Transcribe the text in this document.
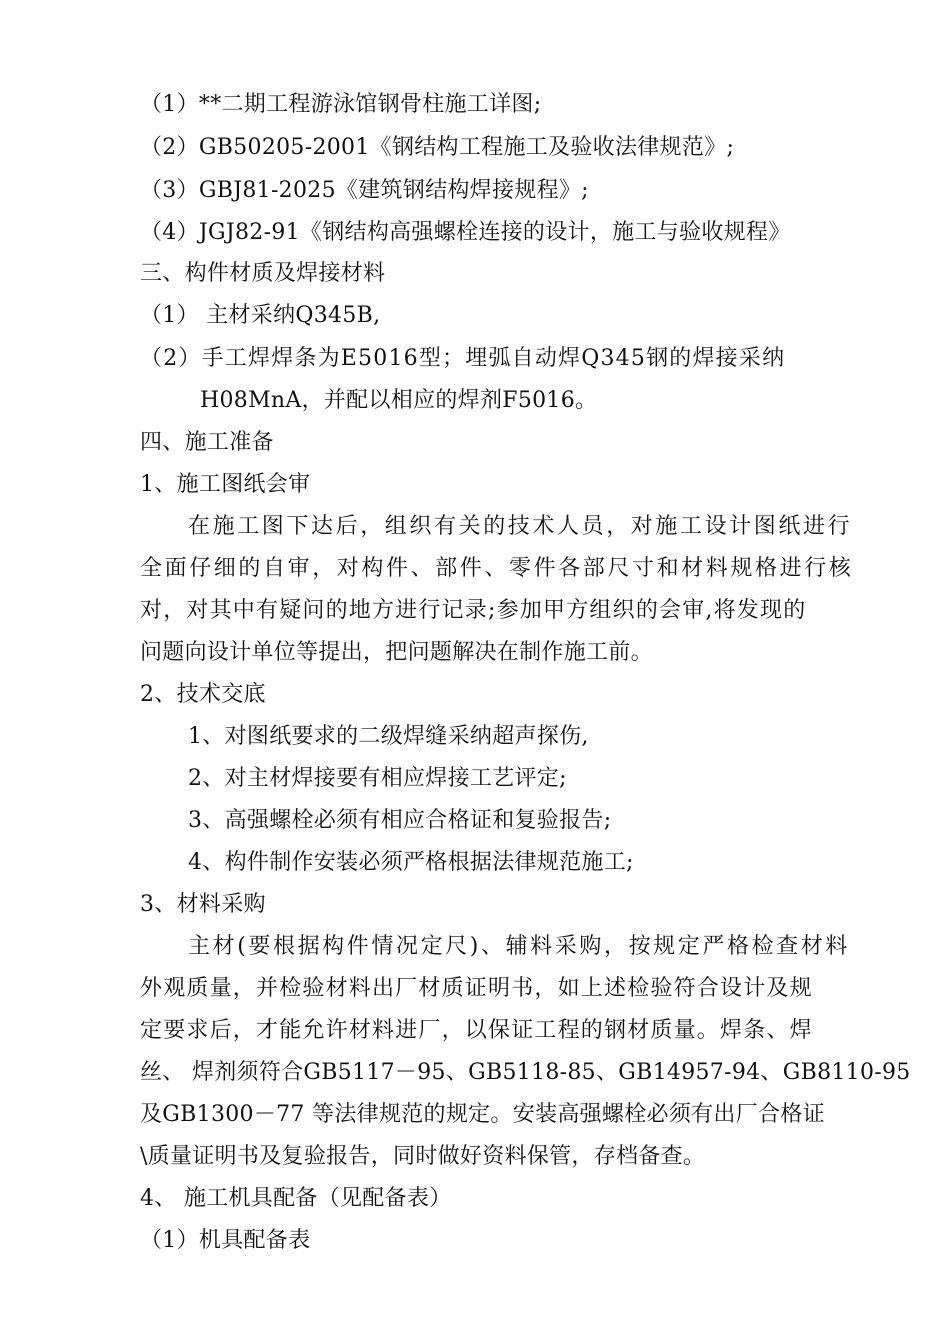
（1）**二期工程游泳馆钢骨柱施工详图;
（2）GB50205-2001《钢结构工程施工及验收法律规范》;
（3）GBJ81-2025《建筑钢结构焊接规程》;
（4）JGJ82-91《钢结构高强螺栓连接的设计，施工与验收规程》
三、构件材质及焊接材料
（1） 主材采纳Q345B,
（2）手工焊焊条为E5016型；埋弧自动焊Q345钢的焊接采纳
H08MnA，并配以相应的焊剂F5016。
四、施工准备
1、施工图纸会审
在施工图下达后，组织有关的技术人员，对施工设计图纸进行
全面仔细的自审，对构件、部件、零件各部尺寸和材料规格进行核
对，对其中有疑问的地方进行记录;参加甲方组织的会审,将发现的
问题向设计单位等提出，把问题解决在制作施工前。
2、技术交底
1、对图纸要求的二级焊缝采纳超声探伤,
2、对主材焊接要有相应焊接工艺评定;
3、高强螺栓必须有相应合格证和复验报告;
4、构件制作安装必须严格根据法律规范施工;
3、材料采购
主材(要根据构件情况定尺)、辅料采购，按规定严格检查材料
外观质量，并检验材料出厂材质证明书，如上述检验符合设计及规
定要求后，才能允许材料进厂，以保证工程的钢材质量。焊条、焊
丝、 焊剂须符合GB5117－95、GB5118-85、GB14957-94、GB8110-95
及GB1300－77 等法律规范的规定。安装高强螺栓必须有出厂合格证
\质量证明书及复验报告，同时做好资料保管，存档备查。
4、 施工机具配备（见配备表）
（1）机具配备表
